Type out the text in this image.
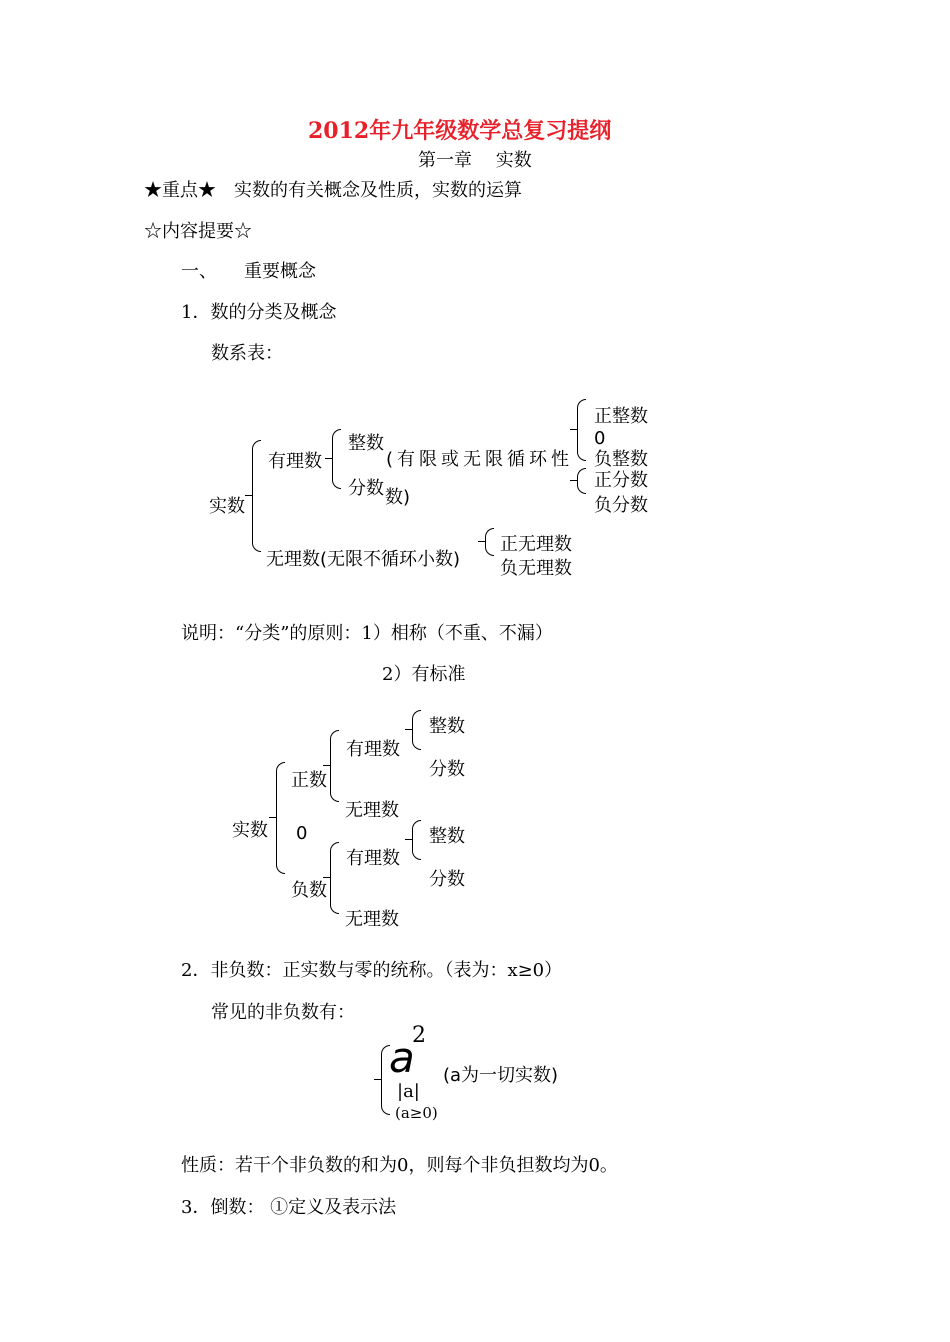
2012年九年级数学总复习提纲
第一章　 实数
★重点★　实数的有关概念及性质，实数的运算
☆内容提要☆
一、　　重要概念
1．数的分类及概念
数系表：
实数
有理数
整数
(有限或无限循环性
分数 数)
正整数
0
负整数
正分数
负分数
无理数(无限不循环小数)
正无理数
负无理数
说明：“分类”的原则：1）相称（不重、不漏）
2）有标准
实数
正数
0
负数
有理数
整数
分数
无理数
有理数
整数
分数
无理数
2．非负数：正实数与零的统称。（表为：x≥0）
常见的非负数有：
a
2
(a为一切实数)
|a|
(a≥0)
性质：若干个非负数的和为0，则每个非负担数均为0。
3．倒数： ①定义及表示法
